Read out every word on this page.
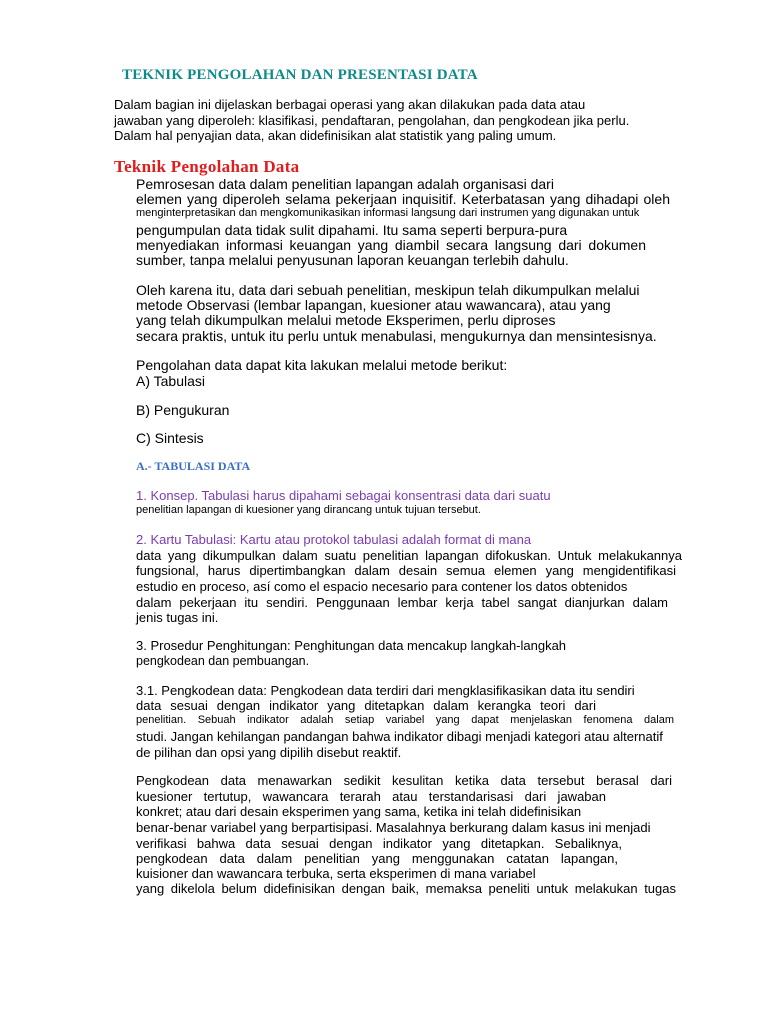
TEKNIK PENGOLAHAN DAN PRESENTASI DATA
Dalam bagian ini dijelaskan berbagai operasi yang akan dilakukan pada data atau
jawaban yang diperoleh: klasifikasi, pendaftaran, pengolahan, dan pengkodean jika perlu.
Dalam hal penyajian data, akan didefinisikan alat statistik yang paling umum.
Teknik Pengolahan Data
Pemrosesan data dalam penelitian lapangan adalah organisasi dari
elemen yang diperoleh selama pekerjaan inquisitif. Keterbatasan yang dihadapi oleh
menginterpretasikan dan mengkomunikasikan informasi langsung dari instrumen yang digunakan untuk
pengumpulan data tidak sulit dipahami. Itu sama seperti berpura-pura
menyediakan informasi keuangan yang diambil secara langsung dari dokumen
sumber, tanpa melalui penyusunan laporan keuangan terlebih dahulu.
Oleh karena itu, data dari sebuah penelitian, meskipun telah dikumpulkan melalui
metode Observasi (lembar lapangan, kuesioner atau wawancara), atau yang
yang telah dikumpulkan melalui metode Eksperimen, perlu diproses
secara praktis, untuk itu perlu untuk menabulasi, mengukurnya dan mensintesisnya.
Pengolahan data dapat kita lakukan melalui metode berikut:
A) Tabulasi
B) Pengukuran
C) Sintesis
A.- TABULASI DATA
1. Konsep. Tabulasi harus dipahami sebagai konsentrasi data dari suatu
penelitian lapangan di kuesioner yang dirancang untuk tujuan tersebut.
2. Kartu Tabulasi: Kartu atau protokol tabulasi adalah format di mana
data yang dikumpulkan dalam suatu penelitian lapangan difokuskan. Untuk melakukannya
fungsional, harus dipertimbangkan dalam desain semua elemen yang mengidentifikasi
estudio en proceso, así como el espacio necesario para contener los datos obtenidos
dalam pekerjaan itu sendiri. Penggunaan lembar kerja tabel sangat dianjurkan dalam
jenis tugas ini.
3. Prosedur Penghitungan: Penghitungan data mencakup langkah-langkah
pengkodean dan pembuangan.
3.1. Pengkodean data: Pengkodean data terdiri dari mengklasifikasikan data itu sendiri
data sesuai dengan indikator yang ditetapkan dalam kerangka teori dari
penelitian. Sebuah indikator adalah setiap variabel yang dapat menjelaskan fenomena dalam
studi. Jangan kehilangan pandangan bahwa indikator dibagi menjadi kategori atau alternatif
de pilihan dan opsi yang dipilih disebut reaktif.
Pengkodean data menawarkan sedikit kesulitan ketika data tersebut berasal dari
kuesioner tertutup, wawancara terarah atau terstandarisasi dari jawaban
konkret; atau dari desain eksperimen yang sama, ketika ini telah didefinisikan
benar-benar variabel yang berpartisipasi. Masalahnya berkurang dalam kasus ini menjadi
verifikasi bahwa data sesuai dengan indikator yang ditetapkan. Sebaliknya,
pengkodean data dalam penelitian yang menggunakan catatan lapangan,
kuisioner dan wawancara terbuka, serta eksperimen di mana variabel
yang dikelola belum didefinisikan dengan baik, memaksa peneliti untuk melakukan tugas
